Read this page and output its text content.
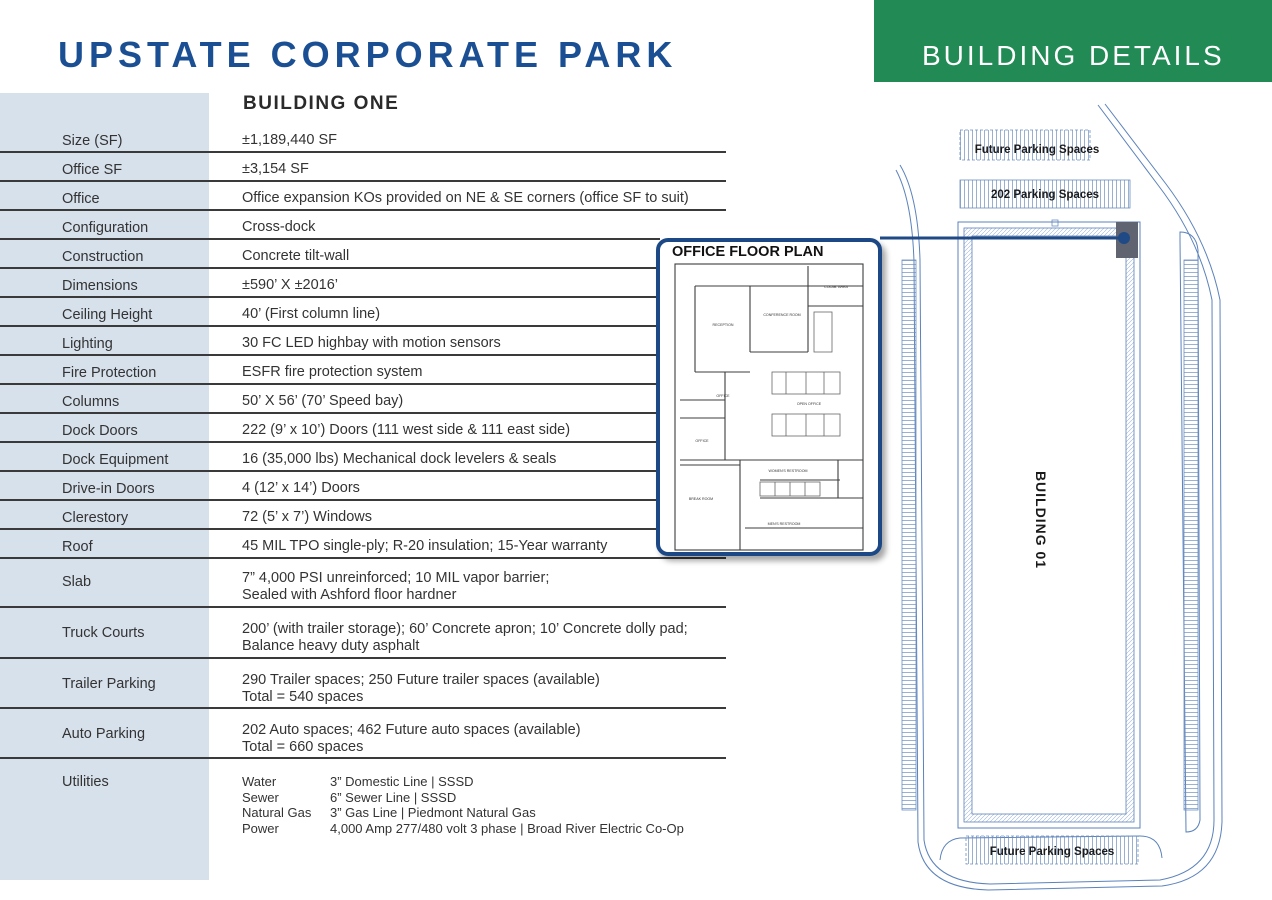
UPSTATE CORPORATE PARK	BUILDING DETAILS
BUILDING ONE
Size (SF)	±1,189,440 SF
Office SF	±3,154 SF
Office	Office expansion KOs provided on NE & SE corners (office SF to suit)
Configuration	Cross-dock
Construction	Concrete tilt-wall
Dimensions	±590’ X ±2016’
Ceiling Height	40’ (First column line)
Lighting	30 FC LED highbay with motion sensors
Fire Protection	ESFR fire protection system
Columns	50’ X 56’ (70’ Speed bay)
Dock Doors	222 (9’ x 10’) Doors (111 west side & 111 east side)
Dock Equipment	16 (35,000 lbs) Mechanical dock levelers & seals
Drive-in Doors	4 (12’ x 14’) Doors
Clerestory	72 (5’ x 7’) Windows
Roof	45 MIL TPO single-ply; R-20 insulation; 15-Year warranty
Slab	7” 4,000 PSI unreinforced; 10 MIL vapor barrier;
Sealed with Ashford floor hardner
Truck Courts	200’ (with trailer storage); 60’ Concrete apron; 10’ Concrete dolly pad;
Balance heavy duty asphalt
Trailer Parking	290 Trailer spaces; 250 Future trailer spaces (available)
Total = 540 spaces
Auto Parking	202 Auto spaces; 462 Future auto spaces (available)
Total = 660 spaces
Utilities	Water	3” Domestic Line | SSSD
Sewer	6” Sewer Line | SSSD
Natural Gas 3” Gas Line | Piedmont Natural Gas
Power	4,000 Amp 277/480 volt 3 phase | Broad River Electric Co-Op
Future Parking Spaces
202 Parking Spaces
BUILDING 01
Future Parking Spaces
COLAB. AREA
CONFERENCE ROOM
RECEPTION
OFFICE
OPEN OFFICE
OFFICE
WOMEN'S RESTROOM
BREAK ROOM
MEN'S RESTROOM
OFFICE FLOOR PLAN
